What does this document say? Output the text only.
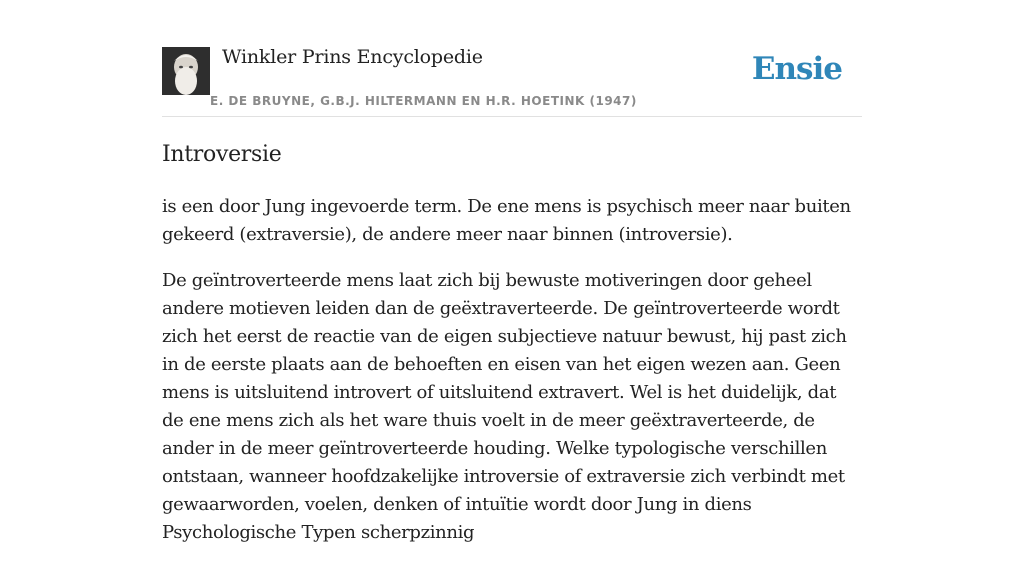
Winkler Prins Encyclopedie
E. DE BRUYNE, G.B.J. HILTERMANN EN H.R. HOETINK (1947)
Ensie
Introversie

is een door Jung ingevoerde term. De ene mens is psychisch meer naar buiten gekeerd (extraversie), de andere meer naar binnen (introversie).

De geïntroverteerde mens laat zich bij bewuste motiveringen door geheel andere motieven leiden dan de geëxtraverteerde. De geïntroverteerde wordt zich het eerst de reactie van de eigen subjectieve natuur bewust, hij past zich in de eerste plaats aan de behoeften en eisen van het eigen wezen aan. Geen mens is uitsluitend introvert of uitsluitend extravert. Wel is het duidelijk, dat de ene mens zich als het ware thuis voelt in de meer geëxtraverteerde, de ander in de meer geïntroverteerde houding. Welke typologische verschillen ontstaan, wanneer hoofdzakelijke introversie of extraversie zich verbindt met gewaarworden, voelen, denken of intuïtie wordt door Jung in diens Psychologische Typen scherpzinnig
